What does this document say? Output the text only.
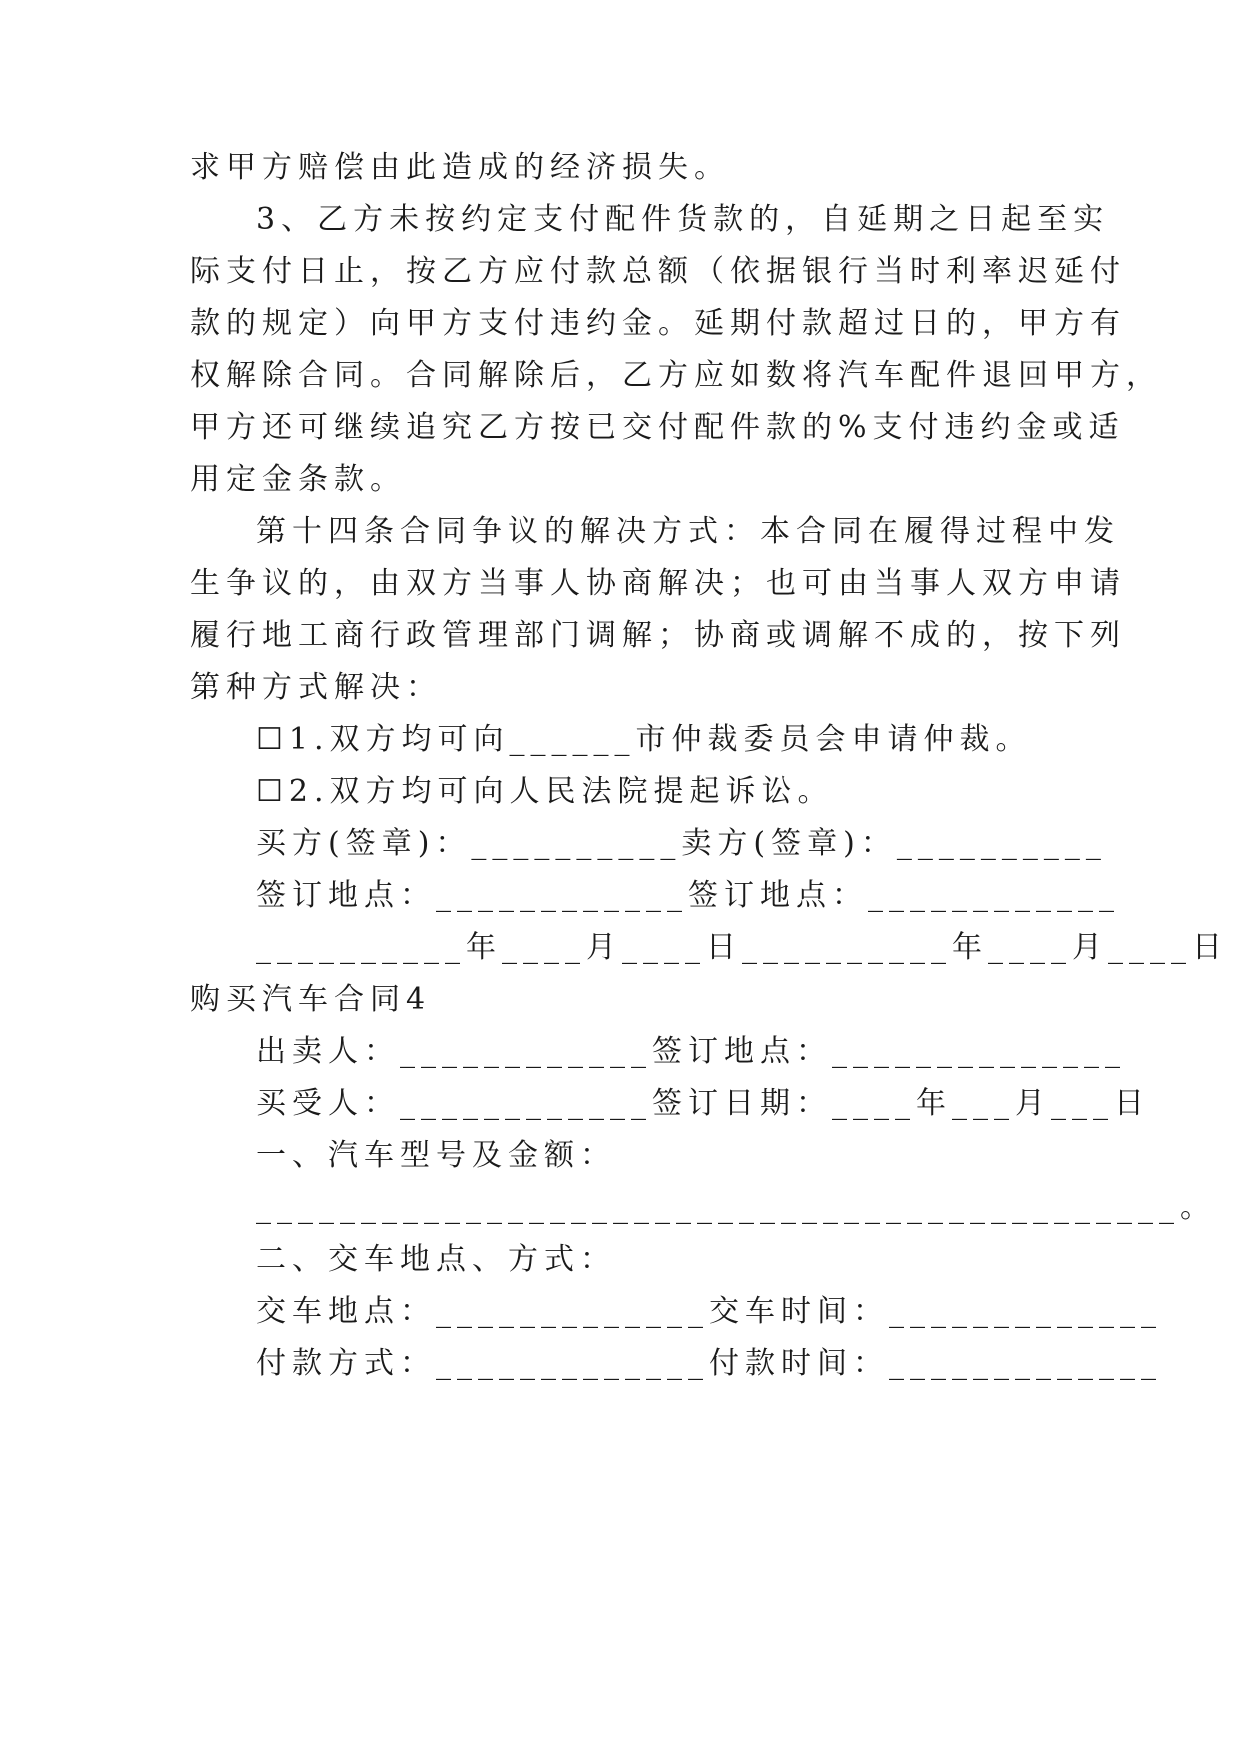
求甲方赔偿由此造成的经济损失。
3、乙方未按约定支付配件货款的，自延期之日起至实
际支付日止，按乙方应付款总额（依据银行当时利率迟延付
款的规定）向甲方支付违约金。延期付款超过日的，甲方有
权解除合同。合同解除后，乙方应如数将汽车配件退回甲方，
甲方还可继续追究乙方按已交付配件款的%支付违约金或适
用定金条款。
第十四条合同争议的解决方式：本合同在履得过程中发
生争议的，由双方当事人协商解决；也可由当事人双方申请
履行地工商行政管理部门调解；协商或调解不成的，按下列
第种方式解决：
☐1.双方均可向______市仲裁委员会申请仲裁。
☐2.双方均可向人民法院提起诉讼。
买方(签章)：__________卖方(签章)：__________
签订地点：____________签订地点：____________
__________年____月____日__________年____月____日
购买汽车合同4
出卖人：____________签订地点：______________
买受人：____________签订日期：____年___月___日
一、汽车型号及金额：
____________________________________________。
二、交车地点、方式：
交车地点：_____________交车时间：_____________
付款方式：_____________付款时间：_____________
